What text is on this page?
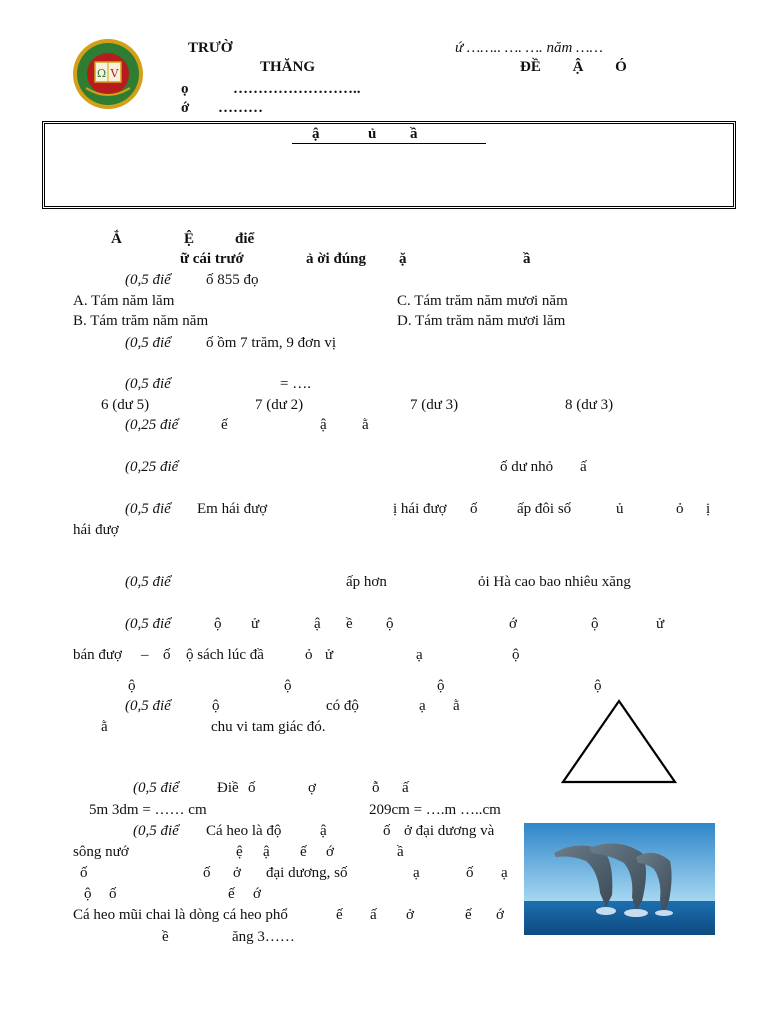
Ω V
TRƯỜ	ứ …….. …. …. năm ……
THĂNG	ĐỀ Ậ Ó
ọ	……………………..
ớ ………
ậ	ủ ầ
Ắ	Ệ	điể
ữ cái trướ	ả ời đúng ặ	ầ
(0,5 điể ố 855 đọ
A. Tám năm lăm
B. Tám trăm năm năm
C. Tám trăm năm mươi năm
D. Tám trăm năm mươi lăm
(0,5 điể ố ồm 7 trăm, 9 đơn vị
(0,5 điể	= ….
6 (dư 5)	7 (dư 2)	7 (dư 3)	8 (dư 3)
(0,25 điể	ế	ậ ằ
(0,25 điể	ố dư nhỏ ấ
(0,5 điể Em hái đượ	ị hái đượ ố	ấp đôi số	ủ	ỏ ị
hái đượ
(0,5 điể	ấp hơn	ỏi Hà cao bao nhiêu xăng
(0,5 điể	ộ ử	ậ ề ộ	ớ	ộ	ử
bán đượ – ố ộ sách lúc đầ	ỏ ử	ạ	ộ
ộ	ộ	ộ	ộ
(0,5 điể	ộ	có độ	ạ ằ
ằ	chu vi tam giác đó.
(0,5 điể	Điề ố	ợ	ỗ ấ
5m 3dm = …… cm	209cm = ….m …..cm
(0,5 điể Cá heo là độ	ậ	ố ở đại dương và
sông nướ	ệ ậ ế ớ	ầ
ố	ố ở đại dương, số	ạ	ố ạ
ộ ố	ế ớ
Cá heo mũi chai là dòng cá heo phổ	ế ấ ở	ế ớ
ề	ăng 3……
